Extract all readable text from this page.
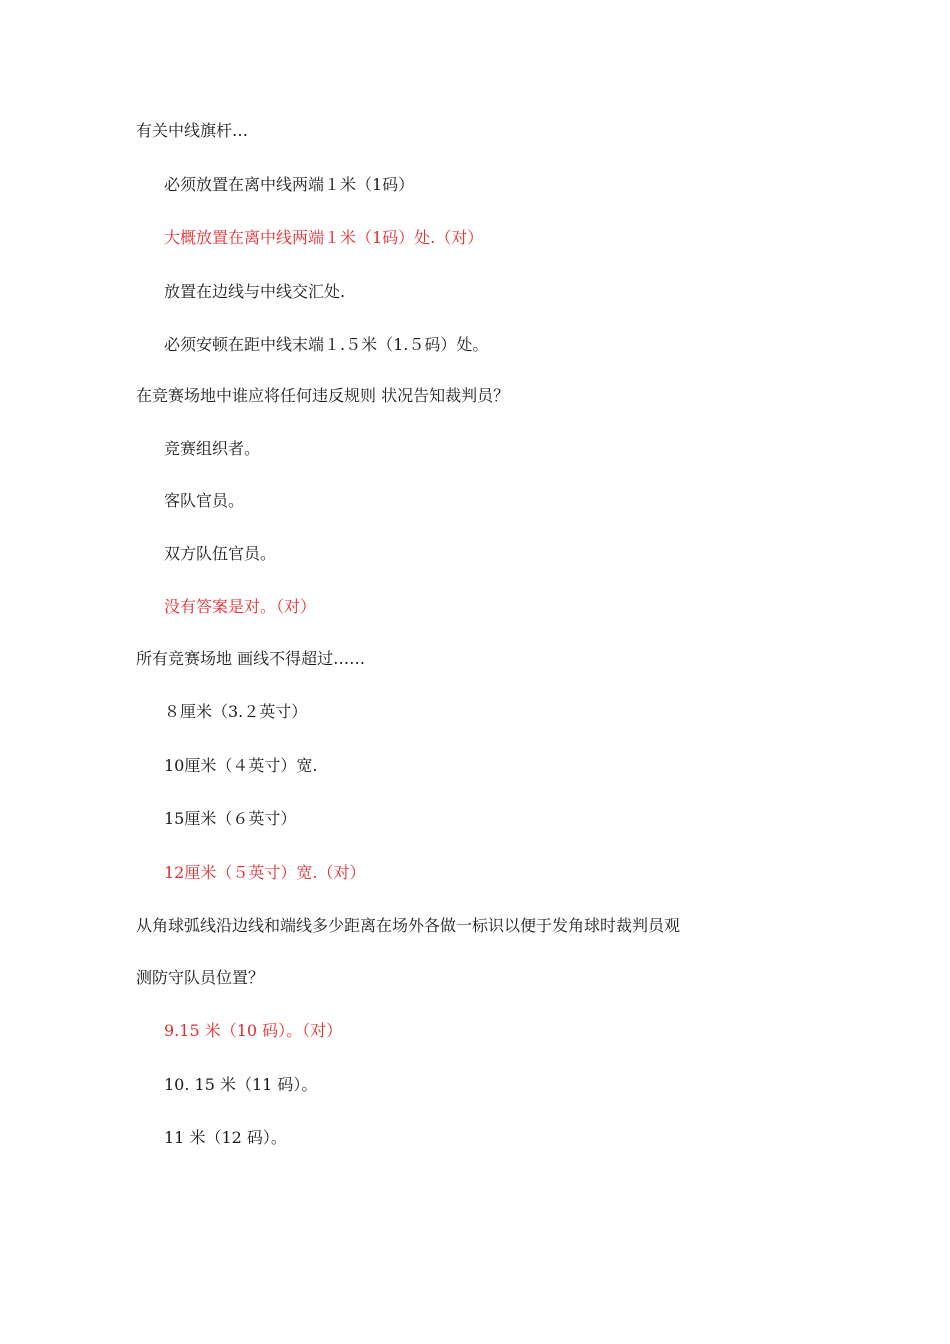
有关中线旗杆…
必须放置在离中线两端１米（1码）
大概放置在离中线两端１米（1码）处.（对）
放置在边线与中线交汇处.
必须安顿在距中线末端１.５米（1.５码）处。
在竞赛场地中谁应将任何违反规则 状况告知裁判员？
竞赛组织者。
客队官员。
双方队伍官员。
没有答案是对。（对）
所有竞赛场地 画线不得超过……
８厘米（3.２英寸）
10厘米（４英寸）宽.
15厘米（６英寸）
12厘米（５英寸）宽.（对）
从角球弧线沿边线和端线多少距离在场外各做一标识以便于发角球时裁判员观
测防守队员位置？
9.15 米（10 码）。（对）
10. 15 米（11 码）。
11 米（12 码）。
